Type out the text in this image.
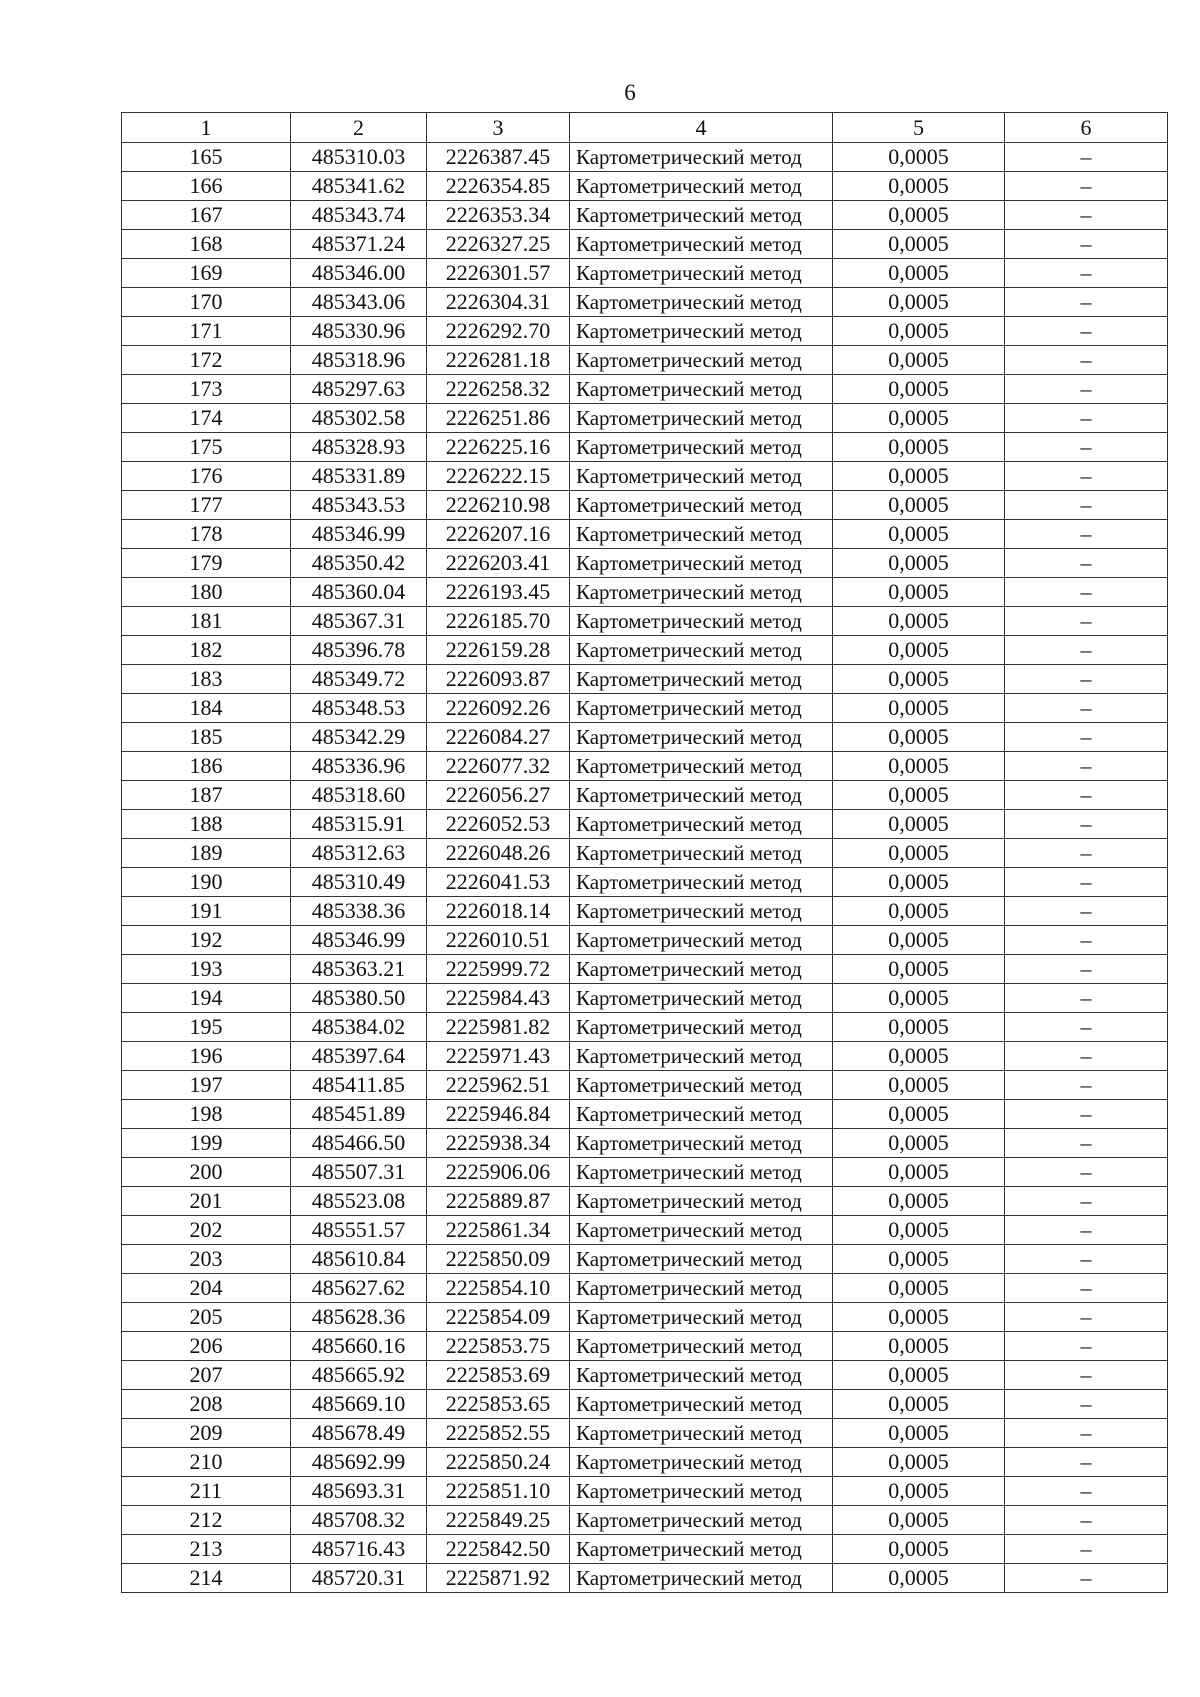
6
1	2	3	4	5	6
165	485310.03	2226387.45	Картометрический метод	0,0005	–
166	485341.62	2226354.85	Картометрический метод	0,0005	–
167	485343.74	2226353.34	Картометрический метод	0,0005	–
168	485371.24	2226327.25	Картометрический метод	0,0005	–
169	485346.00	2226301.57	Картометрический метод	0,0005	–
170	485343.06	2226304.31	Картометрический метод	0,0005	–
171	485330.96	2226292.70	Картометрический метод	0,0005	–
172	485318.96	2226281.18	Картометрический метод	0,0005	–
173	485297.63	2226258.32	Картометрический метод	0,0005	–
174	485302.58	2226251.86	Картометрический метод	0,0005	–
175	485328.93	2226225.16	Картометрический метод	0,0005	–
176	485331.89	2226222.15	Картометрический метод	0,0005	–
177	485343.53	2226210.98	Картометрический метод	0,0005	–
178	485346.99	2226207.16	Картометрический метод	0,0005	–
179	485350.42	2226203.41	Картометрический метод	0,0005	–
180	485360.04	2226193.45	Картометрический метод	0,0005	–
181	485367.31	2226185.70	Картометрический метод	0,0005	–
182	485396.78	2226159.28	Картометрический метод	0,0005	–
183	485349.72	2226093.87	Картометрический метод	0,0005	–
184	485348.53	2226092.26	Картометрический метод	0,0005	–
185	485342.29	2226084.27	Картометрический метод	0,0005	–
186	485336.96	2226077.32	Картометрический метод	0,0005	–
187	485318.60	2226056.27	Картометрический метод	0,0005	–
188	485315.91	2226052.53	Картометрический метод	0,0005	–
189	485312.63	2226048.26	Картометрический метод	0,0005	–
190	485310.49	2226041.53	Картометрический метод	0,0005	–
191	485338.36	2226018.14	Картометрический метод	0,0005	–
192	485346.99	2226010.51	Картометрический метод	0,0005	–
193	485363.21	2225999.72	Картометрический метод	0,0005	–
194	485380.50	2225984.43	Картометрический метод	0,0005	–
195	485384.02	2225981.82	Картометрический метод	0,0005	–
196	485397.64	2225971.43	Картометрический метод	0,0005	–
197	485411.85	2225962.51	Картометрический метод	0,0005	–
198	485451.89	2225946.84	Картометрический метод	0,0005	–
199	485466.50	2225938.34	Картометрический метод	0,0005	–
200	485507.31	2225906.06	Картометрический метод	0,0005	–
201	485523.08	2225889.87	Картометрический метод	0,0005	–
202	485551.57	2225861.34	Картометрический метод	0,0005	–
203	485610.84	2225850.09	Картометрический метод	0,0005	–
204	485627.62	2225854.10	Картометрический метод	0,0005	–
205	485628.36	2225854.09	Картометрический метод	0,0005	–
206	485660.16	2225853.75	Картометрический метод	0,0005	–
207	485665.92	2225853.69	Картометрический метод	0,0005	–
208	485669.10	2225853.65	Картометрический метод	0,0005	–
209	485678.49	2225852.55	Картометрический метод	0,0005	–
210	485692.99	2225850.24	Картометрический метод	0,0005	–
211	485693.31	2225851.10	Картометрический метод	0,0005	–
212	485708.32	2225849.25	Картометрический метод	0,0005	–
213	485716.43	2225842.50	Картометрический метод	0,0005	–
214	485720.31	2225871.92	Картометрический метод	0,0005	–
